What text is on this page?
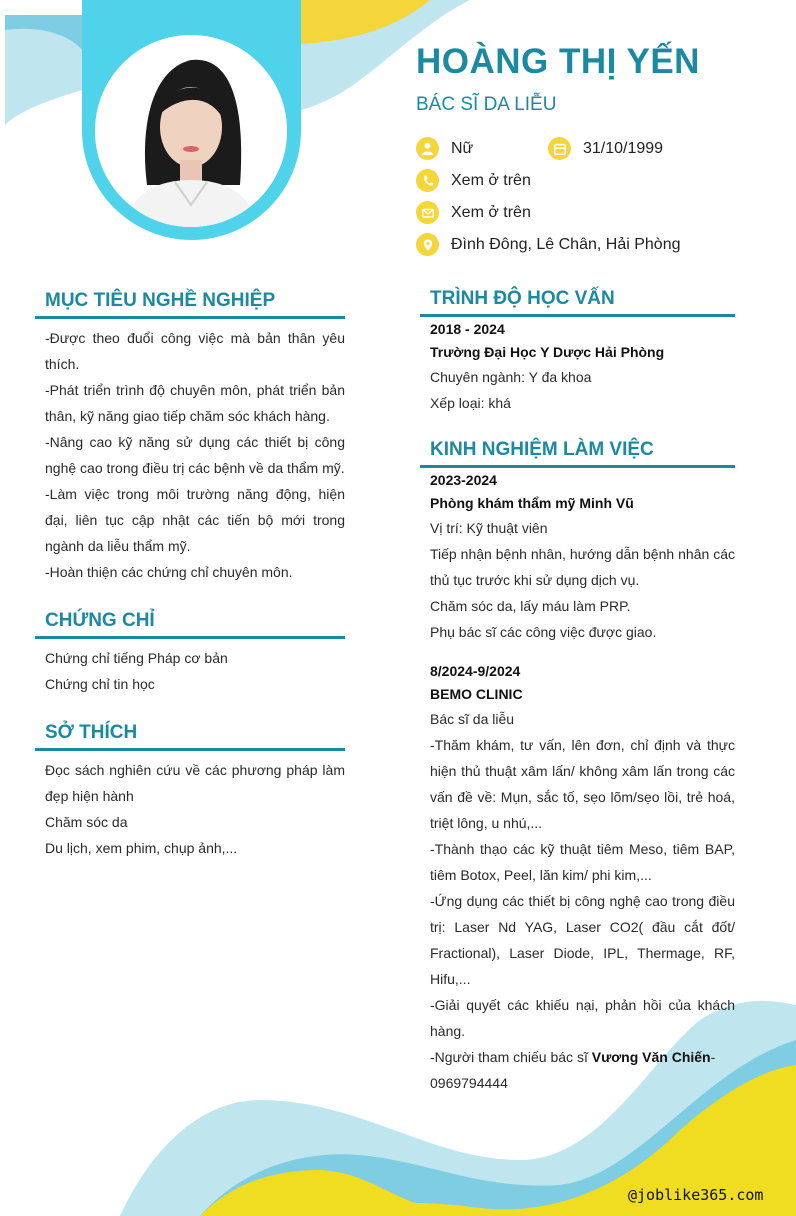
HOÀNG THỊ YẾN
BÁC SĨ DA LIỄU
Nữ	31/10/1999
Xem ở trên
Xem ở trên
Đình Đông, Lê Chân, Hải Phòng
MỤC TIÊU NGHỀ NGHIỆP

-Được theo đuổi công việc mà bản thân yêu thích.

-Phát triển trình độ chuyên môn, phát triển bản thân, kỹ năng giao tiếp chăm sóc khách hàng.

-Nâng cao kỹ năng sử dụng các thiết bị công nghệ cao trong điều trị các bệnh về da thẩm mỹ.

-Làm việc trong môi trường năng động, hiện đại, liên tục cập nhật các tiến bộ mới trong ngành da liễu thẩm mỹ.

-Hoàn thiện các chứng chỉ chuyên môn.

CHỨNG CHỈ

Chứng chỉ tiếng Pháp cơ bản

Chứng chỉ tin học

SỞ THÍCH

Đọc sách nghiên cứu về các phương pháp làm đẹp hiện hành

Chăm sóc da

Du lịch, xem phim, chụp ảnh,...

TRÌNH ĐỘ HỌC VẤN

2018 - 2024

Trường Đại Học Y Dược Hải Phòng

Chuyên ngành: Y đa khoa

Xếp loại: khá

KINH NGHIỆM LÀM VIỆC

2023-2024

Phòng khám thẩm mỹ Minh Vũ

Vị trí: Kỹ thuật viên

Tiếp nhận bệnh nhân, hướng dẫn bệnh nhân các thủ tục trước khi sử dụng dịch vụ.

Chăm sóc da, lấy máu làm PRP.

Phụ bác sĩ các công việc được giao.

8/2024-9/2024

BEMO CLINIC

Bác sĩ da liễu

-Thăm khám, tư vấn, lên đơn, chỉ định và thực hiện thủ thuật xâm lấn/ không xâm lấn trong các vấn đề về: Mụn, sắc tố, sẹo lõm/sẹo lồi, trẻ hoá, triệt lông, u nhú,...

-Thành thạo các kỹ thuật tiêm Meso, tiêm BAP, tiêm Botox, Peel, lăn kim/ phi kim,...

-Ứng dụng các thiết bị công nghệ cao trong điều trị: Laser Nd YAG, Laser CO2( đầu cắt đốt/ Fractional), Laser Diode, IPL, Thermage, RF, Hifu,...

-Giải quyết các khiếu nại, phản hồi của khách hàng.

-Người tham chiếu bác sĩ Vương Văn Chiến- 0969794444

@joblike365.com
